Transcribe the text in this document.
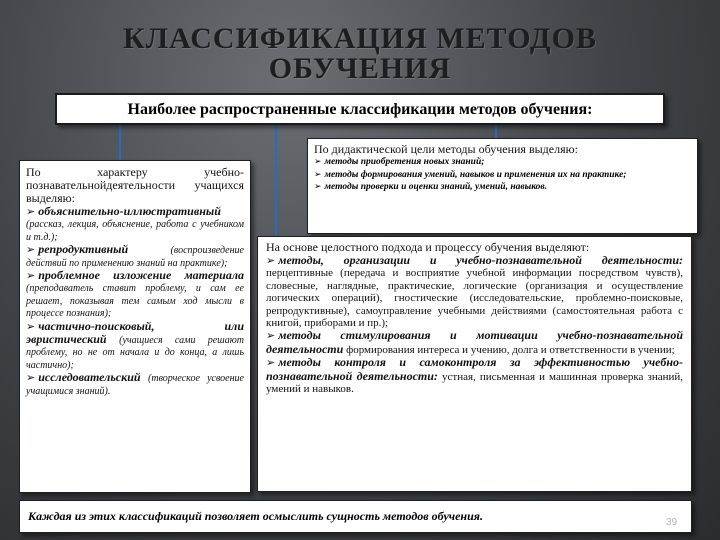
КЛАССИФИКАЦИЯ МЕТОДОВ
ОБУЧЕНИЯ
Наиболее распространенные классификации методов обучения:

По характеру учебно-познавательнойдеятельности учащихся выделяю:

➢ объяснительно-иллюстративный (рассказ, лекция, объяснение, работа с учебником и т.д.);

➢ репродуктивный	(воспроизведение действий по применению знаний на практике);

➢ проблемное изложение материала (преподаватель ставит проблему, и сам ее решает, показывая тем самым ход мысли в процессе познания);

➢ частично-поисковый, или эвристический (учащиеся сами решают проблему, но не от начала и до конца, а лишь частично);

➢ исследовательский (творческое усвоение учащимися знаний).

По дидактической цели методы обучения выделяю:

➢ методы приобретения новых знаний;

➢ методы формирования умений, навыков и применения их на практике;

➢ методы проверки и оценки знаний, умений, навыков.

На основе целостного подхода и процессу обучения выделяют:

➢ методы, организации и учебно-познавательной деятельности: перцептивные (передача и восприятие учебной информации посредством чувств), словесные, наглядные, практические, логические (организация и осуществление логических операций), гностические (исследовательские, проблемно-поисковые, репродуктивные), самоуправление учебными действиями (самостоятельная работа с книгой, приборами и пр.);

➢ методы стимулирования и мотивации учебно-познавательной деятельности формирования интереса и учению, долга и ответственности в учении;

➢ методы контроля и самоконтроля за эффективностью учебно-познавательной деятельности: устная, письменная и машинная проверка знаний, умений и навыков.

Каждая из этих классификаций позволяет осмыслить сущность методов обучения.	39
